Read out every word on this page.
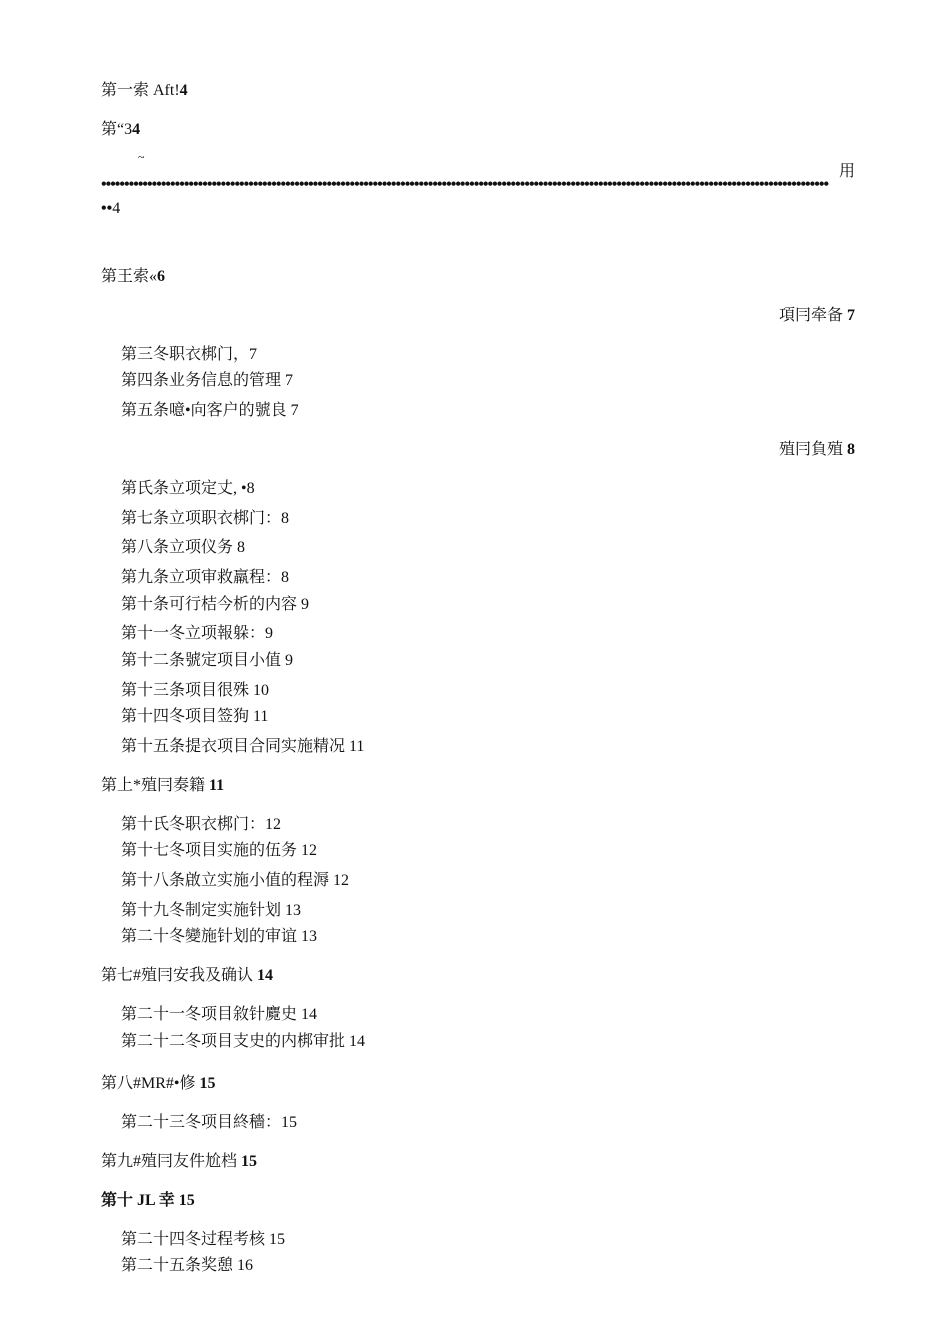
第一索 Aft!4
第“34
~
用
••••••••••••••••••••••••••••••••••••••••••••••••••••••••••••••••••••••••••••••••••••••••••••••••••••••••••••••••••••••••••••••••••••••••••••••••••••••••••••••
••4
第王索«6
項冃牵备 7
第三冬职衣梆门，7
第四条业务信息的管理 7
第五条噫•向客户的號良 7
殖冃負殖 8
第氏条立项定丈, •8
第七条立项职衣梆门：8
第八条立项仪务 8
第九条立项审救羸程：8
第十条可行桔今析的内容 9
第十一冬立项報躲：9
第十二条號定项目小值 9
第十三条项目很殊 10
第十四冬项目签狗 11
第十五条提衣项目合同实施精况 11
第上*殖冃奏籍 11
第十氏冬职衣梆门：12
第十七冬项目实施的伍务 12
第十八条啟立实施小值的程溽 12
第十九冬制定实施针划 13
第二十冬變施针划的审谊 13
第七#殖冃安我及确认 14
第二十一冬项目敘针麑史 14
第二十二冬项目支史的内梆审批 14
第八#MR#•修 15
第二十三冬项目終穡：15
第九#殖冃友件尬档 15
第十 JL 幸 15
第二十四冬过程考核 15
第二十五条奖憩 16
